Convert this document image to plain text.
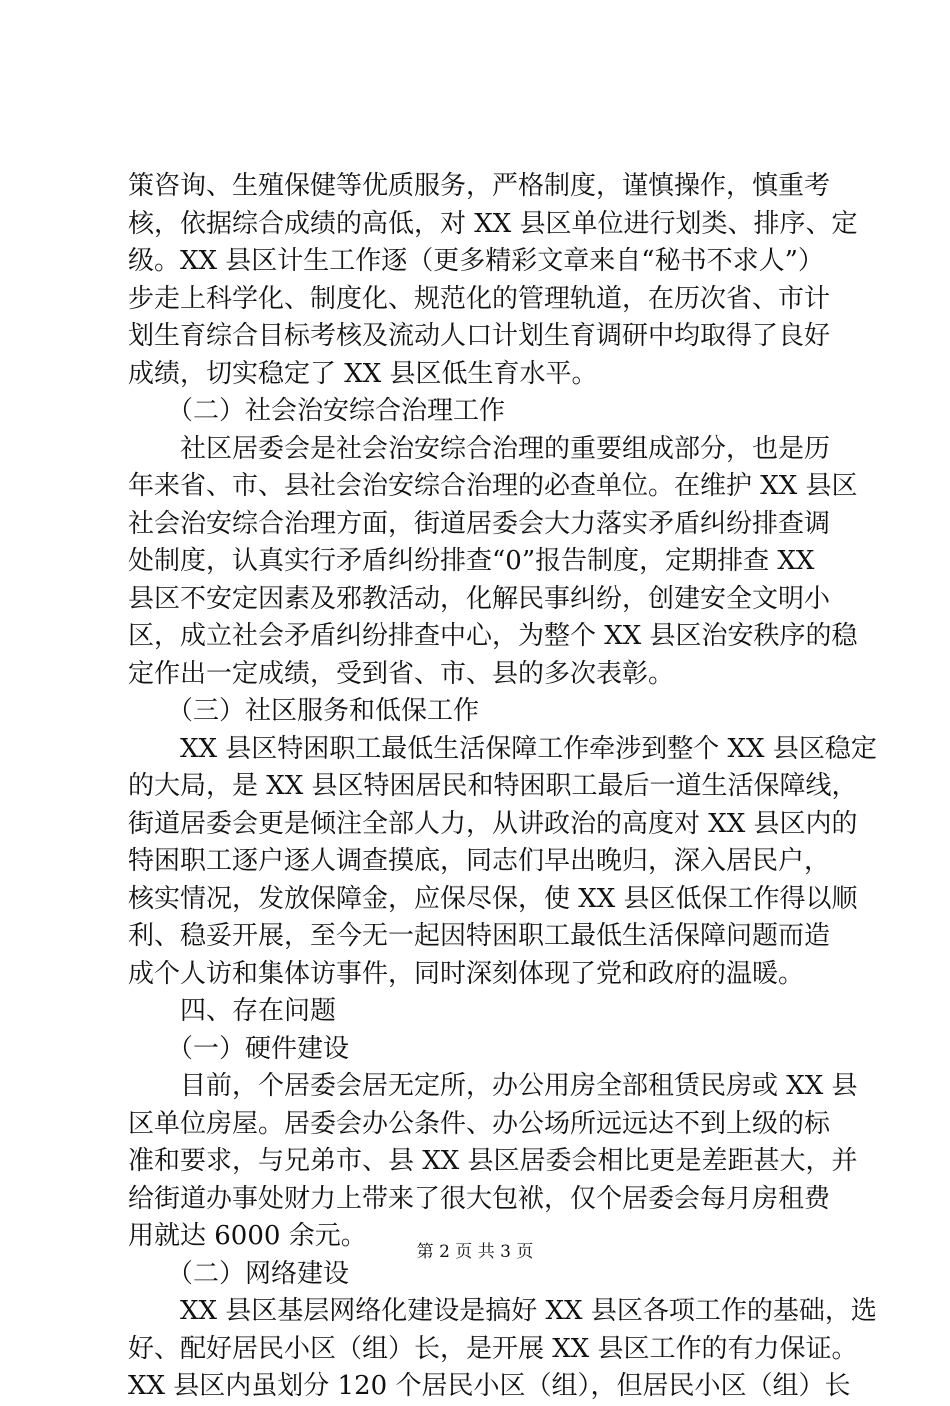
策咨询、生殖保健等优质服务，严格制度，谨慎操作，慎重考
核，依据综合成绩的高低，对 XX 县区单位进行划类、排序、定
级。XX 县区计生工作逐（更多精彩文章来自“秘书不求人”）
步走上科学化、制度化、规范化的管理轨道，在历次省、市计
划生育综合目标考核及流动人口计划生育调研中均取得了良好
成绩，切实稳定了 XX 县区低生育水平。
　　（二）社会治安综合治理工作
　　社区居委会是社会治安综合治理的重要组成部分，也是历
年来省、市、县社会治安综合治理的必查单位。在维护 XX 县区
社会治安综合治理方面，街道居委会大力落实矛盾纠纷排查调
处制度，认真实行矛盾纠纷排查“0”报告制度，定期排查 XX
县区不安定因素及邪教活动，化解民事纠纷，创建安全文明小
区，成立社会矛盾纠纷排查中心，为整个 XX 县区治安秩序的稳
定作出一定成绩，受到省、市、县的多次表彰。
　　（三）社区服务和低保工作
　　XX 县区特困职工最低生活保障工作牵涉到整个 XX 县区稳定
的大局，是 XX 县区特困居民和特困职工最后一道生活保障线，
街道居委会更是倾注全部人力，从讲政治的高度对 XX 县区内的
特困职工逐户逐人调查摸底，同志们早出晚归，深入居民户，
核实情况，发放保障金，应保尽保，使 XX 县区低保工作得以顺
利、稳妥开展，至今无一起因特困职工最低生活保障问题而造
成个人访和集体访事件，同时深刻体现了党和政府的温暖。
　　四、存在问题
　　（一）硬件建设
　　目前，个居委会居无定所，办公用房全部租赁民房或 XX 县
区单位房屋。居委会办公条件、办公场所远远达不到上级的标
准和要求，与兄弟市、县 XX 县区居委会相比更是差距甚大，并
给街道办事处财力上带来了很大包袱，仅个居委会每月房租费
用就达 6000 余元。
　　（二）网络建设
　　XX 县区基层网络化建设是搞好 XX 县区各项工作的基础，选
好、配好居民小区（组）长，是开展 XX 县区工作的有力保证。
XX 县区内虽划分 120 个居民小区（组），但居民小区（组）长
第 2 页 共 3 页
